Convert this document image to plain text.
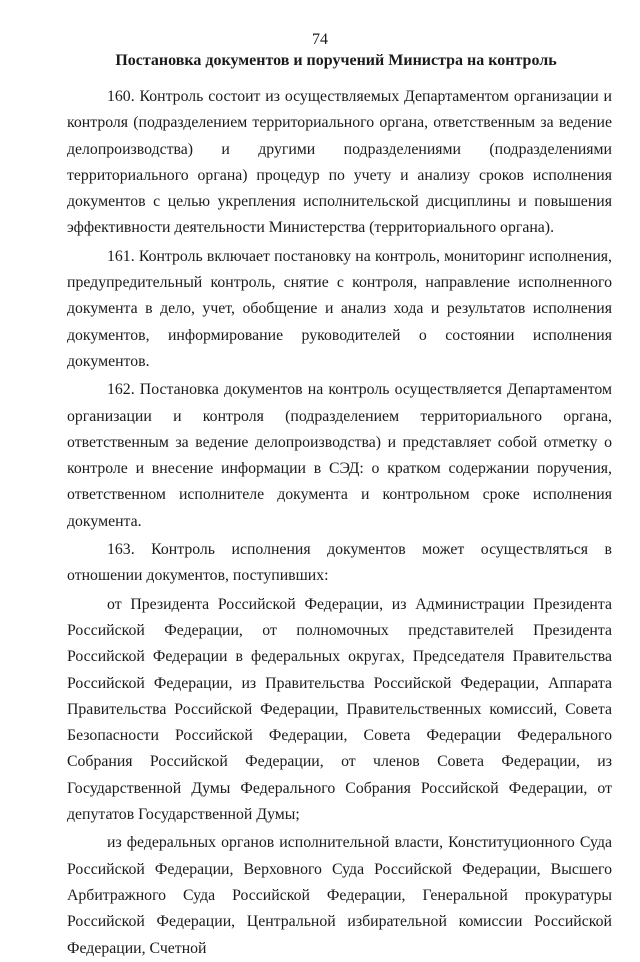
74
Постановка документов и поручений Министра на контроль

160. Контроль состоит из осуществляемых Департаментом организации и контроля (подразделением территориального органа, ответственным за ведение делопроизводства) и другими подразделениями (подразделениями территориального органа) процедур по учету и анализу сроков исполнения документов с целью укрепления исполнительской дисциплины и повышения эффективности деятельности Министерства (территориального органа).

161. Контроль включает постановку на контроль, мониторинг исполнения, предупредительный контроль, снятие с контроля, направление исполненного документа в дело, учет, обобщение и анализ хода и результатов исполнения документов, информирование руководителей о состоянии исполнения документов.

162. Постановка документов на контроль осуществляется Департаментом организации и контроля (подразделением территориального органа, ответственным за ведение делопроизводства) и представляет собой отметку о контроле и внесение информации в СЭД: о кратком содержании поручения, ответственном исполнителе документа и контрольном сроке исполнения документа.

163. Контроль исполнения документов может осуществляться в отношении документов, поступивших:

от Президента Российской Федерации, из Администрации Президента Российской Федерации, от полномочных представителей Президента Российской Федерации в федеральных округах, Председателя Правительства Российской Федерации, из Правительства Российской Федерации, Аппарата Правительства Российской Федерации, Правительственных комиссий, Совета Безопасности Российской Федерации, Совета Федерации Федерального Собрания Российской Федерации, от членов Совета Федерации, из Государственной Думы Федерального Собрания Российской Федерации, от депутатов Государственной Думы;

из федеральных органов исполнительной власти, Конституционного Суда Российской Федерации, Верховного Суда Российской Федерации, Высшего Арбитражного Суда Российской Федерации, Генеральной прокуратуры Российской Федерации, Центральной избирательной комиссии Российской Федерации, Счетной
